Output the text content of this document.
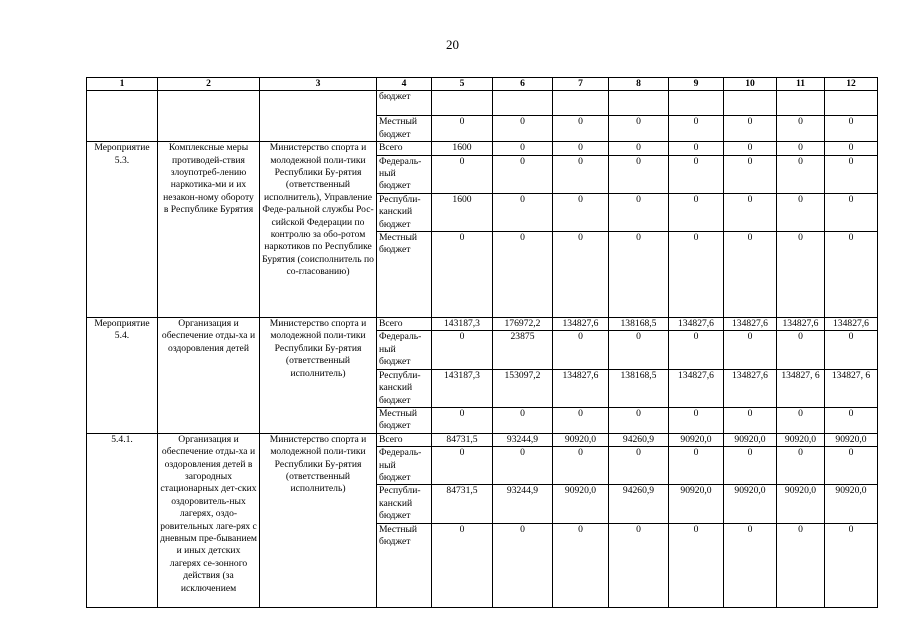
20
1	2	3	4	5	6	7	8	9	10	11	12
			бюджет								
			Местный бюджет	0	0	0	0	0	0	0	0
Мероприятие 5.3.	Комплексные меры противодей-ствия злоупотреб-лению наркотика-ми и их незакон-ному обороту в Республике Бурятия	Министерство спорта и молодежной поли-тики Республики Бу-рятия (ответственный исполнитель), Управление Феде-ральной службы Рос-сийской Федерации по контролю за обо-ротом наркотиков по Республике Бурятия (соисполнитель по со-гласованию)	Всего	1600	0	0	0	0	0	0	0
			Федераль-ный бюджет	0	0	0	0	0	0	0	0
			Республи-канский бюджет	1600	0	0	0	0	0	0	0
			Местный бюджет	0	0	0	0	0	0	0	0
Мероприятие 5.4.	Организация и обеспечение отды-ха и оздоровления детей	Министерство спорта и молодежной поли-тики Республики Бу-рятия (ответственный исполнитель)	Всего	143187,3	176972,2	134827,6	138168,5	134827,6	134827,6	134827,6	134827,6
			Федераль-ный бюджет	0	23875	0	0	0	0	0	0
			Республи-канский бюджет	143187,3	153097,2	134827,6	138168,5	134827,6	134827,6	134827, 6	134827, 6
			Местный бюджет	0	0	0	0	0	0	0	0
5.4.1.	Организация и обеспечение отды-ха и оздоровления детей в загородных стационарных дет-ских оздоровитель-ных лагерях, оздо-ровительных лаге-рях с дневным пре-быванием и иных детских лагерях се-зонного действия (за исключением	Министерство спорта и молодежной поли-тики Республики Бу-рятия (ответственный исполнитель)	Всего	84731,5	93244,9	90920,0	94260,9	90920,0	90920,0	90920,0	90920,0
			Федераль-ный бюджет	0	0	0	0	0	0	0	0
			Республи-канский бюджет	84731,5	93244,9	90920,0	94260,9	90920,0	90920,0	90920,0	90920,0
			Местный бюджет	0	0	0	0	0	0	0	0
